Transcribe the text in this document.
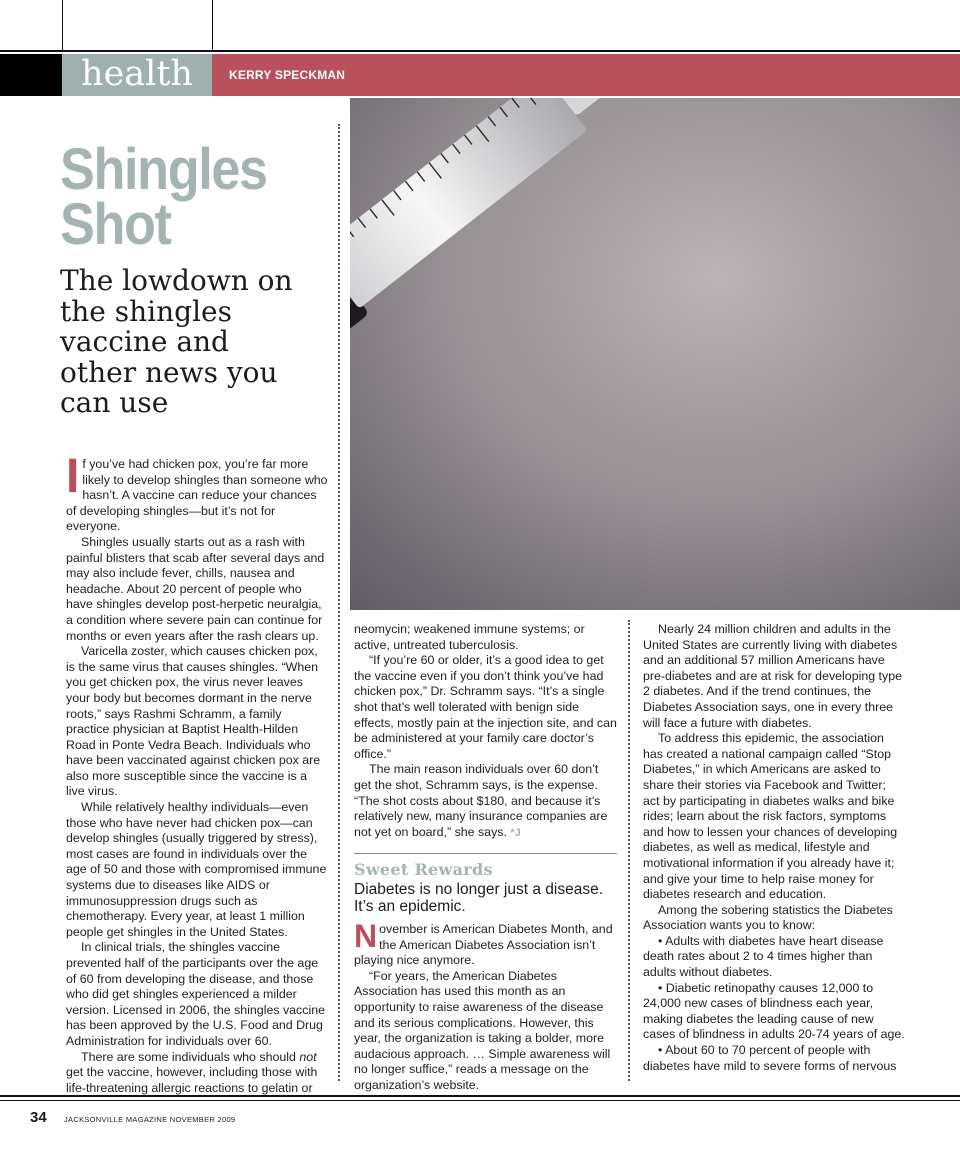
health	KERRY SPECKMAN
Shingles
Shot
The lowdown on
the shingles
vaccine and
other news you
can use

If you’ve had chicken pox, you’re far more likely to develop shingles than someone who hasn’t. A vaccine can reduce your chances of developing shingles—but it’s not for everyone.

Shingles usually starts out as a rash with painful blisters that scab after several days and may also include fever, chills, nausea and headache. About 20 percent of people who have shingles develop post-herpetic neuralgia, a condition where severe pain can continue for months or even years after the rash clears up.

Varicella zoster, which causes chicken pox, is the same virus that causes shingles. “When you get chicken pox, the virus never leaves your body but becomes dormant in the nerve roots,” says Rashmi Schramm, a family practice physician at Baptist Health-Hilden Road in Ponte Vedra Beach. Individuals who have been vaccinated against chicken pox are also more susceptible since the vaccine is a live virus.

While relatively healthy individuals—even those who have never had chicken pox—can develop shingles (usually triggered by stress), most cases are found in individuals over the age of 50 and those with compromised immune systems due to diseases like AIDS or immunosuppression drugs such as chemotherapy. Every year, at least 1 million people get shingles in the United States.

In clinical trials, the shingles vaccine prevented half of the participants over the age of 60 from developing the disease, and those who did get shingles experienced a milder version. Licensed in 2006, the shingles vaccine has been approved by the U.S. Food and Drug Administration for individuals over 60.

There are some individuals who should not get the vaccine, however, including those with life-threatening allergic reactions to gelatin or

neomycin; weakened immune systems; or active, untreated tuberculosis.

“If you’re 60 or older, it’s a good idea to get the vaccine even if you don’t think you’ve had chicken pox,” Dr. Schramm says. “It’s a single shot that’s well tolerated with benign side effects, mostly pain at the injection site, and can be administered at your family care doctor’s office.”

The main reason individuals over 60 don’t get the shot, Schramm says, is the expense. “The shot costs about $180, and because it’s relatively new, many insurance companies are not yet on board,” she says. *J

Sweet Rewards
Diabetes is no longer just a disease. It’s an epidemic.

November is American Diabetes Month, and the American Diabetes Association isn’t playing nice anymore.

“For years, the American Diabetes Association has used this month as an opportunity to raise awareness of the disease and its serious complications. However, this year, the organization is taking a bolder, more audacious approach. … Simple awareness will no longer suffice,” reads a message on the organization’s website.

Nearly 24 million children and adults in the United States are currently living with diabetes and an additional 57 million Americans have pre-diabetes and are at risk for developing type 2 diabetes. And if the trend continues, the Diabetes Association says, one in every three will face a future with diabetes.

To address this epidemic, the association has created a national campaign called “Stop Diabetes,” in which Americans are asked to share their stories via Facebook and Twitter; act by participating in diabetes walks and bike rides; learn about the risk factors, symptoms and how to lessen your chances of developing diabetes, as well as medical, lifestyle and motivational information if you already have it; and give your time to help raise money for diabetes research and education.

Among the sobering statistics the Diabetes Association wants you to know:

• Adults with diabetes have heart disease death rates about 2 to 4 times higher than adults without diabetes.

• Diabetic retinopathy causes 12,000 to 24,000 new cases of blindness each year, making diabetes the leading cause of new cases of blindness in adults 20-74 years of age.

• About 60 to 70 percent of people with diabetes have mild to severe forms of nervous

34 JACKSONVILLE MAGAZINE NOVEMBER 2009
